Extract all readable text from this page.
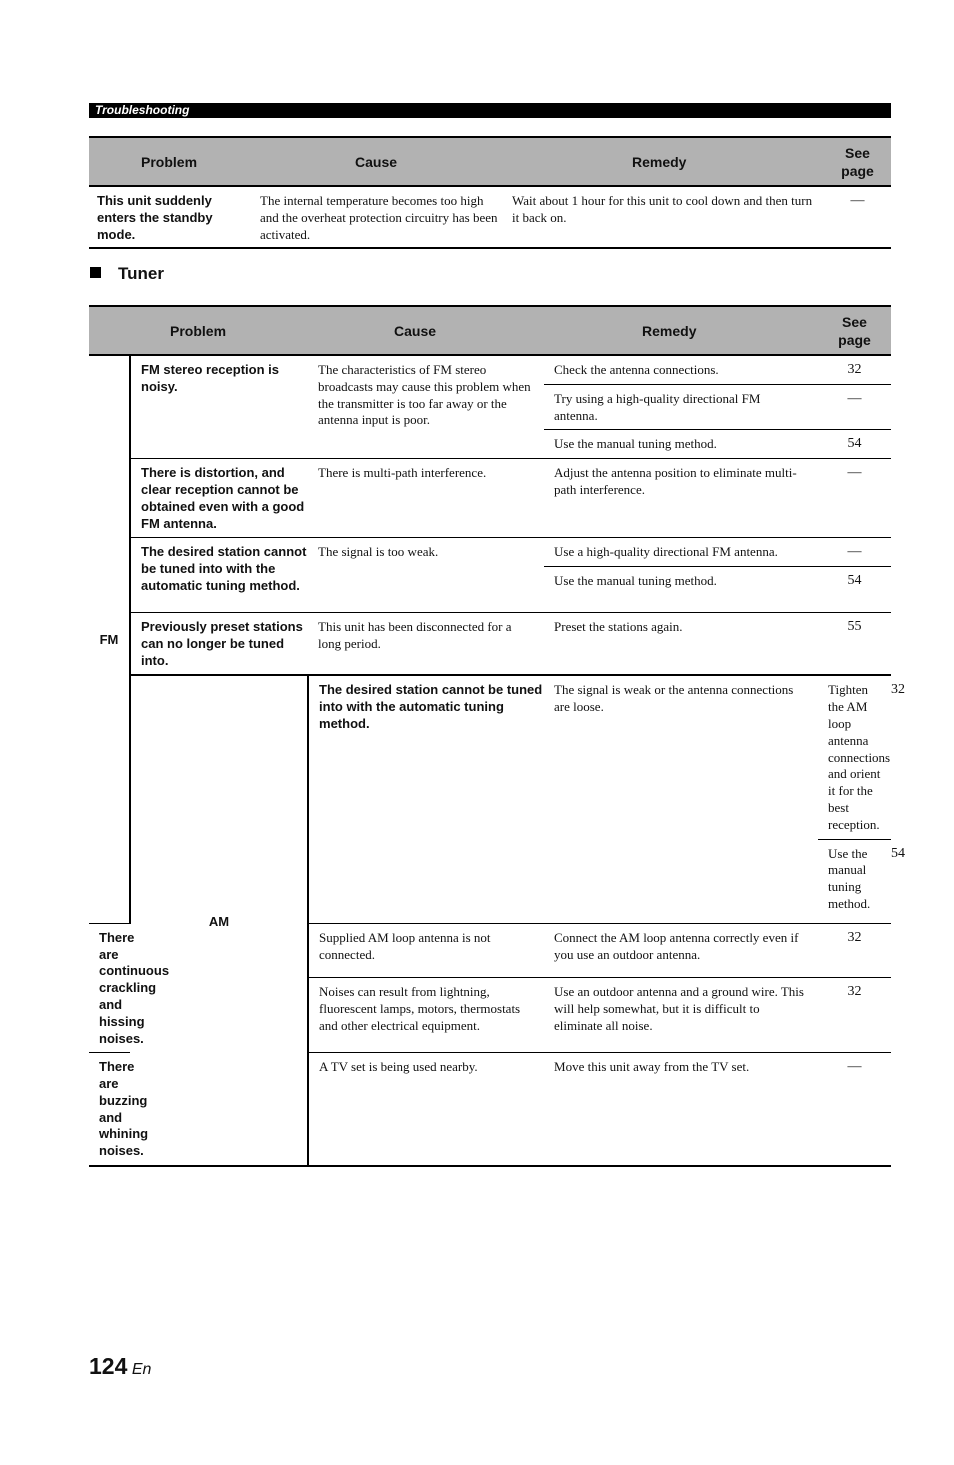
Troubleshooting
Problem	Cause	Remedy	See
page
This unit suddenly enters the standby mode.	The internal temperature becomes too high and the overheat protection circuitry has been activated.	Wait about 1 hour for this unit to cool down and then turn it back on.	—
Tuner
Problem		Cause	Remedy	See
page	
FM	FM stereo reception is noisy.	The characteristics of FM stereo broadcasts may cause this problem when the transmitter is too far away or the antenna input is poor.	Check the antenna connections.	32	
			Try using a high-quality directional FM antenna.	—	
			Use the manual tuning method.	54	
	There is distortion, and clear reception cannot be obtained even with a good FM antenna.	There is multi-path interference.	Adjust the antenna position to eliminate multi-path interference.	—	
	The desired station cannot be tuned into with the automatic tuning method.	The signal is too weak.	Use a high-quality directional FM antenna.	—	
			Use the manual tuning method.	54	
	Previously preset stations can no longer be tuned into.	This unit has been disconnected for a long period.	Preset the stations again.	55	
	AM	The desired station cannot be tuned into with the automatic tuning method.	The signal is weak or the antenna connections are loose.	Tighten the AM loop antenna connections and orient it for the best reception.	32
				Use the manual tuning method.	54
There are continuous crackling and hissing noises.		Supplied AM loop antenna is not connected.	Connect the AM loop antenna correctly even if you use an outdoor antenna.	32	
		Noises can result from lightning, fluorescent lamps, motors, thermostats and other electrical equipment.	Use an outdoor antenna and a ground wire. This will help somewhat, but it is difficult to eliminate all noise.	32	
There are buzzing and whining noises.		A TV set is being used nearby.	Move this unit away from the TV set.	—	
124 En
